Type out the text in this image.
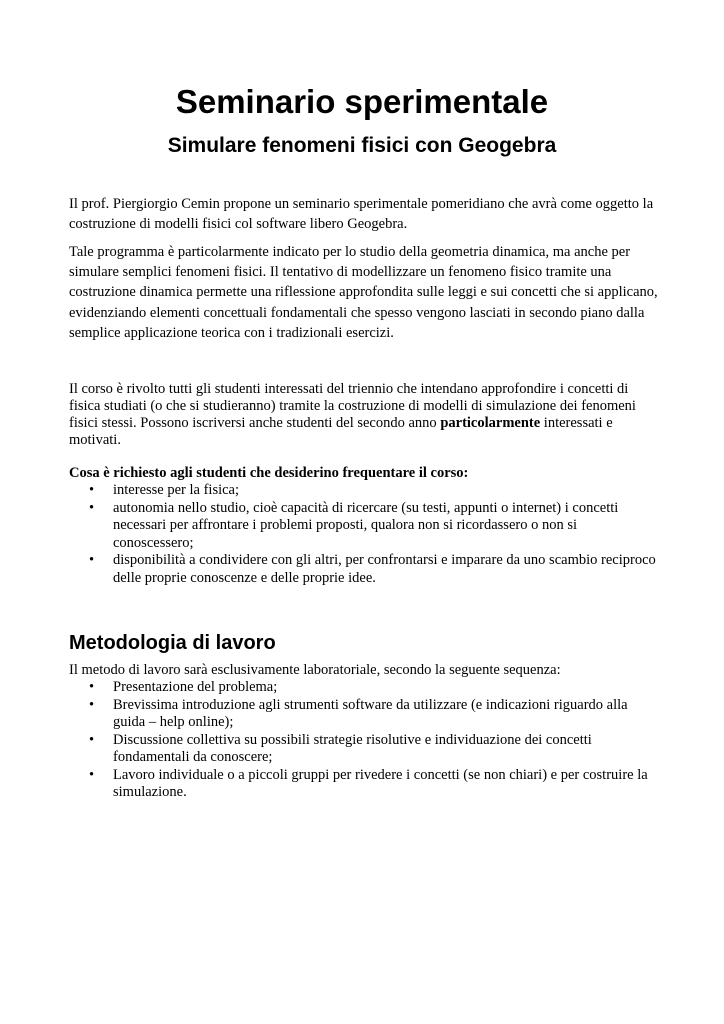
Seminario sperimentale
Simulare fenomeni fisici con Geogebra

Il prof. Piergiorgio Cemin propone un seminario sperimentale pomeridiano che avrà come oggetto la costruzione di modelli fisici col software libero Geogebra.

Tale programma è particolarmente indicato per lo studio della geometria dinamica, ma anche per simulare semplici fenomeni fisici. Il tentativo di modellizzare un fenomeno fisico tramite una costruzione dinamica permette una riflessione approfondita sulle leggi e sui concetti che si applicano, evidenziando elementi concettuali fondamentali che spesso vengono lasciati in secondo piano dalla semplice applicazione teorica con i tradizionali esercizi.

Il corso è rivolto tutti gli studenti interessati del triennio che intendano approfondire i concetti di fisica studiati (o che si studieranno) tramite la costruzione di modelli di simulazione dei fenomeni fisici stessi. Possono iscriversi anche studenti del secondo anno particolarmente interessati e motivati.

Cosa è richiesto agli studenti che desiderino frequentare il corso:

• interesse per la fisica;
• autonomia nello studio, cioè capacità di ricercare (su testi, appunti o internet) i concetti necessari per affrontare i problemi proposti, qualora non si ricordassero o non si conoscessero;
• disponibilità a condividere con gli altri, per confrontarsi e imparare da uno scambio reciproco delle proprie conoscenze e delle proprie idee.
Metodologia di lavoro

Il metodo di lavoro sarà esclusivamente laboratoriale, secondo la seguente sequenza:

• Presentazione del problema;
• Brevissima introduzione agli strumenti software da utilizzare (e indicazioni riguardo alla guida – help online);
• Discussione collettiva su possibili strategie risolutive e individuazione dei concetti fondamentali da conoscere;
• Lavoro individuale o a piccoli gruppi per rivedere i concetti (se non chiari) e per costruire la simulazione.
